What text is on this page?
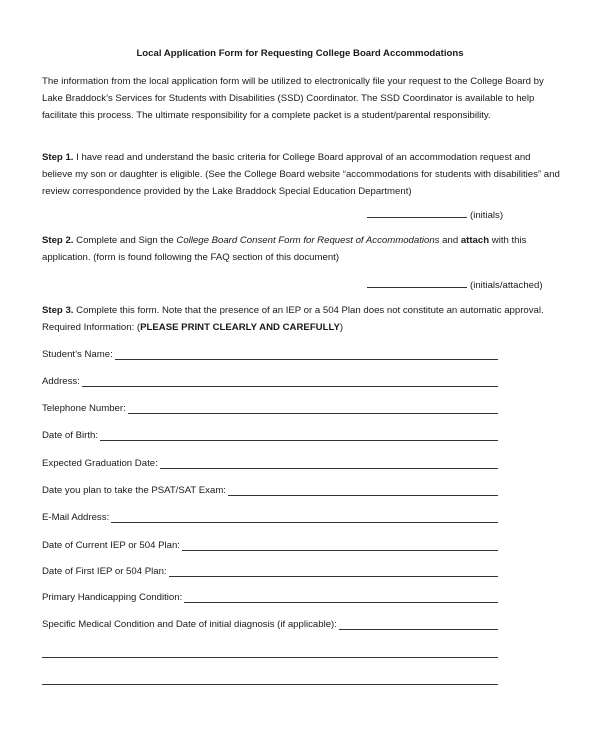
Local Application Form for Requesting College Board Accommodations
The information from the local application form will be utilized to electronically file your request to the College Board by Lake Braddock’s Services for Students with Disabilities (SSD) Coordinator. The SSD Coordinator is available to help facilitate this process. The ultimate responsibility for a complete packet is a student/parental responsibility.
Step 1. I have read and understand the basic criteria for College Board approval of an accommodation request and believe my son or daughter is eligible. (See the College Board website “accommodations for students with disabilities” and review correspondence provided by the Lake Braddock Special Education Department)
(initials)
Step 2. Complete and Sign the College Board Consent Form for Request of Accommodations and attach with this application. (form is found following the FAQ section of this document)
(initials/attached)
Step 3. Complete this form. Note that the presence of an IEP or a 504 Plan does not constitute an automatic approval. Required Information: (PLEASE PRINT CLEARLY AND CAREFULLY)
Student’s Name:
Address:
Telephone Number:
Date of Birth:
Expected Graduation Date:
Date you plan to take the PSAT/SAT Exam:
E-Mail Address:
Date of Current IEP or 504 Plan:
Date of First IEP or 504 Plan:
Primary Handicapping Condition:
Specific Medical Condition and Date of initial diagnosis (if applicable):
